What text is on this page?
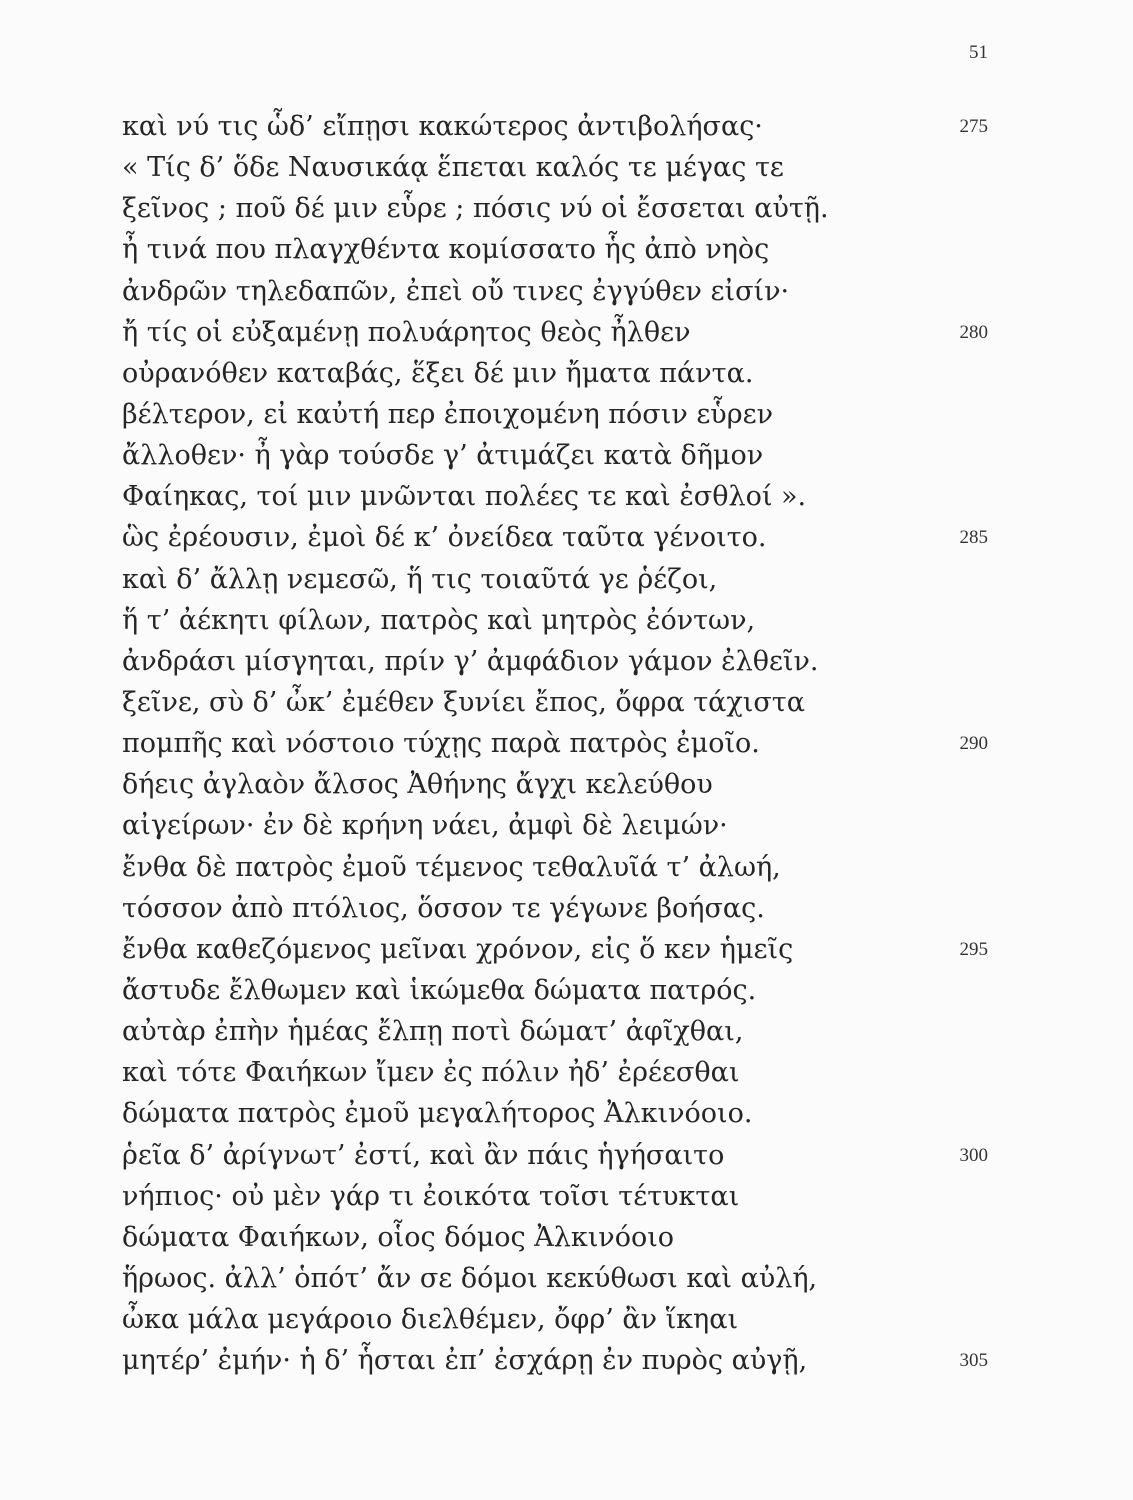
51
καὶ νύ τις ὧδ’ εἴπῃσι κακώτερος ἀντιβολήσας·	275
« Τίς δ’ ὅδε Ναυσικάᾳ ἕπεται καλός τε μέγας τε
ξεῖνος ; ποῦ δέ μιν εὗρε ; πόσις νύ οἱ ἔσσεται αὐτῇ.
ἦ τινά που πλαγχθέντα κομίσσατο ἧς ἀπὸ νηὸς
ἀνδρῶν τηλεδαπῶν, ἐπεὶ οὔ τινες ἐγγύθεν εἰσίν·
ἤ τίς οἱ εὐξαμένῃ πολυάρητος θεὸς ἦλθεν	280
οὐρανόθεν καταβάς, ἕξει δέ μιν ἤματα πάντα.
βέλτερον, εἰ καὐτή περ ἐποιχομένη πόσιν εὗρεν
ἄλλοθεν· ἦ γὰρ τούσδε γ’ ἀτιμάζει κατὰ δῆμον
Φαίηκας, τοί μιν μνῶνται πολέες τε καὶ ἐσθλοί ».
ὣς ἐρέουσιν, ἐμοὶ δέ κ’ ὀνείδεα ταῦτα γένοιτο.	285
καὶ δ’ ἄλλῃ νεμεσῶ, ἥ τις τοιαῦτά γε ῥέζοι,
ἥ τ’ ἀέκητι φίλων, πατρὸς καὶ μητρὸς ἐόντων,
ἀνδράσι μίσγηται, πρίν γ’ ἀμφάδιον γάμον ἐλθεῖν.
ξεῖνε, σὺ δ’ ὦκ’ ἐμέθεν ξυνίει ἔπος, ὄφρα τάχιστα
πομπῆς καὶ νόστοιο τύχῃς παρὰ πατρὸς ἐμοῖο.	290
δήεις ἀγλαὸν ἄλσος Ἀθήνης ἄγχι κελεύθου
αἰγείρων· ἐν δὲ κρήνη νάει, ἀμφὶ δὲ λειμών·
ἔνθα δὲ πατρὸς ἐμοῦ τέμενος τεθαλυῖά τ’ ἀλωή,
τόσσον ἀπὸ πτόλιος, ὅσσον τε γέγωνε βοήσας.
ἔνθα καθεζόμενος μεῖναι χρόνον, εἰς ὅ κεν ἡμεῖς	295
ἄστυδε ἔλθωμεν καὶ ἱκώμεθα δώματα πατρός.
αὐτὰρ ἐπὴν ἡμέας ἔλπῃ ποτὶ δώματ’ ἀφῖχθαι,
καὶ τότε Φαιήκων ἴμεν ἐς πόλιν ἠδ’ ἐρέεσθαι
δώματα πατρὸς ἐμοῦ μεγαλήτορος Ἀλκινόοιο.
ῥεῖα δ’ ἀρίγνωτ’ ἐστί, καὶ ἂν πάις ἡγήσαιτο	300
νήπιος· οὐ μὲν γάρ τι ἐοικότα τοῖσι τέτυκται
δώματα Φαιήκων, οἷος δόμος Ἀλκινόοιο
ἥρωος. ἀλλ’ ὁπότ’ ἄν σε δόμοι κεκύθωσι καὶ αὐλή,
ὦκα μάλα μεγάροιο διελθέμεν, ὄφρ’ ἂν ἵκηαι
μητέρ’ ἐμήν· ἡ δ’ ἧσται ἐπ’ ἐσχάρῃ ἐν πυρὸς αὐγῇ,	305
